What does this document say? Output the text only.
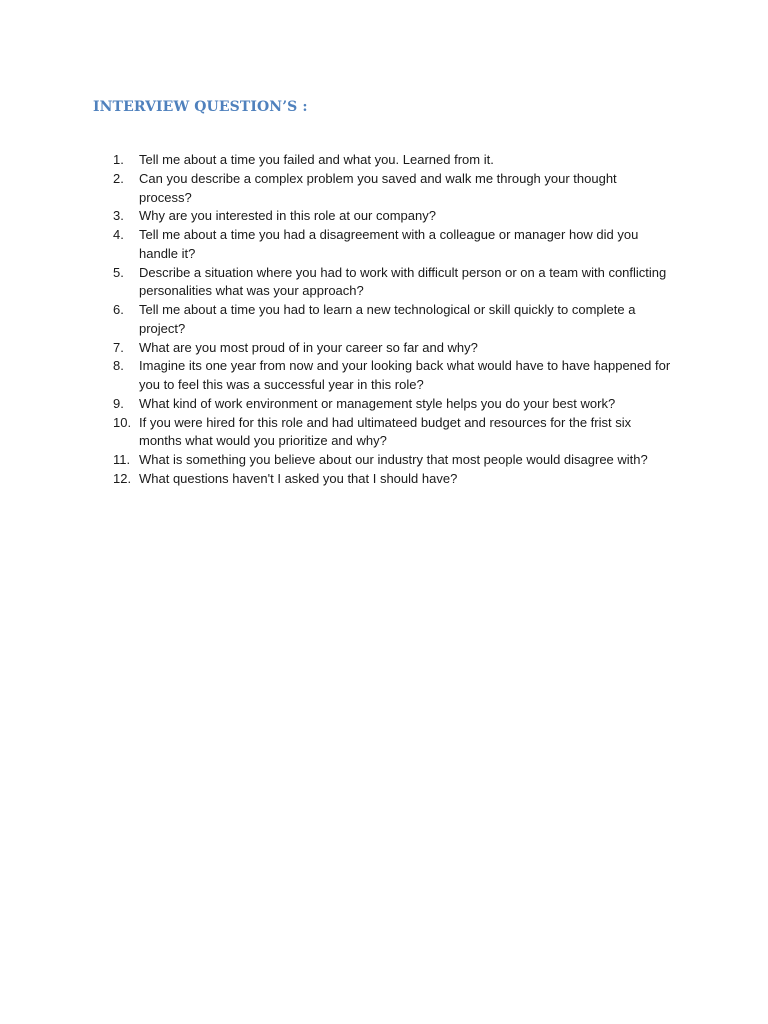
INTERVIEW QUESTION’S :
1.	Tell me about a time you failed and what you. Learned from it.
2.	Can you describe a complex problem you saved and walk me through your thought process?
3.	Why are you interested in this role at our company?
4.	Tell me about a time you had a disagreement with a colleague or manager how did you handle it?
5.	Describe a situation where you had to work with difficult person or on a team with conflicting personalities what was your approach?
6.	Tell me about a time you had to learn a new technological or skill quickly to complete a project?
7.	What are you most proud of in your career so far and why?
8.	Imagine its one year from now and your looking back what would have to have happened for you to feel this was a successful year in this role?
9.	What kind of work environment or management style helps you do your best work?
10. If you were hired for this role and had ultimateed budget and resources for the frist six months what would you prioritize and why?
11. What is something you believe about our industry that most people would disagree with?
12. What questions haven't I asked you that I should have?
